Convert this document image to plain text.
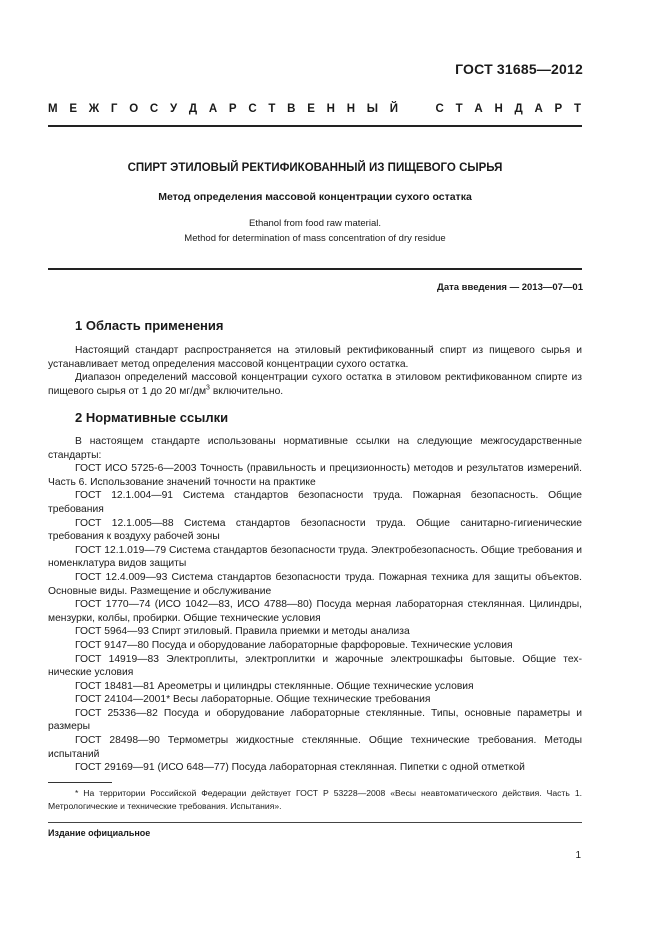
ГОСТ 31685—2012
М Е Ж Г О С У Д А Р С Т В Е Н Н Ы Й	С Т А Н Д А Р Т
СПИРТ ЭТИЛОВЫЙ РЕКТИФИКОВАННЫЙ ИЗ ПИЩЕВОГО СЫРЬЯ
Метод определения массовой концентрации сухого остатка
Ethanol from food raw material.
Method for determination of mass concentration of dry residue
Дата введения — 2013—07—01
1 Область применения

Настоящий стандарт распространяется на этиловый ректификованный спирт из пищевого сырья и устанавливает метод определения массовой концентрации сухого остатка.

Диапазон определений массовой концентрации сухого остатка в этиловом ректификованном спирте из пищевого сырья от 1 до 20 $мг/дм^3$ включительно.

2 Нормативные ссылки

В настоящем стандарте использованы нормативные ссылки на следующие межгосударственные стандарты:

ГОСТ ИСО 5725-6—2003 Точность (правильность и прецизионность) методов и результатов измерений. Часть 6. Использование значений точности на практике

ГОСТ 12.1.004—91 Система стандартов безопасности труда. Пожарная безопасность. Общие требования

ГОСТ 12.1.005—88 Система стандартов безопасности труда. Общие санитарно-гигиенические требования к воздуху рабочей зоны

ГОСТ 12.1.019—79 Система стандартов безопасности труда. Электробезопасность. Общие требования и номенклатура видов защиты

ГОСТ 12.4.009—93 Система стандартов безопасности труда. Пожарная техника для защиты объектов. Основные виды. Размещение и обслуживание

ГОСТ 1770—74 (ИСО 1042—83, ИСО 4788—80) Посуда мерная лабораторная стеклянная. Цилиндры, мензурки, колбы, пробирки. Общие технические условия

ГОСТ 5964—93 Спирт этиловый. Правила приемки и методы анализа

ГОСТ 9147—80 Посуда и оборудование лабораторные фарфоровые. Технические условия

ГОСТ 14919—83 Электроплиты, электроплитки и жарочные электрошкафы бытовые. Общие технические условия

ГОСТ 18481—81 Ареометры и цилиндры стеклянные. Общие технические условия

ГОСТ 24104—2001* Весы лабораторные. Общие технические требования

ГОСТ 25336—82 Посуда и оборудование лабораторные стеклянные. Типы, основные параметры и размеры

ГОСТ 28498—90 Термометры жидкостные стеклянные. Общие технические требования. Методы испытаний

ГОСТ 29169—91 (ИСО 648—77) Посуда лабораторная стеклянная. Пипетки с одной отметкой

* На территории Российской Федерации действует ГОСТ Р 53228—2008 «Весы неавтоматического действия. Часть 1. Метрологические и технические требования. Испытания».

Издание официальное
1
